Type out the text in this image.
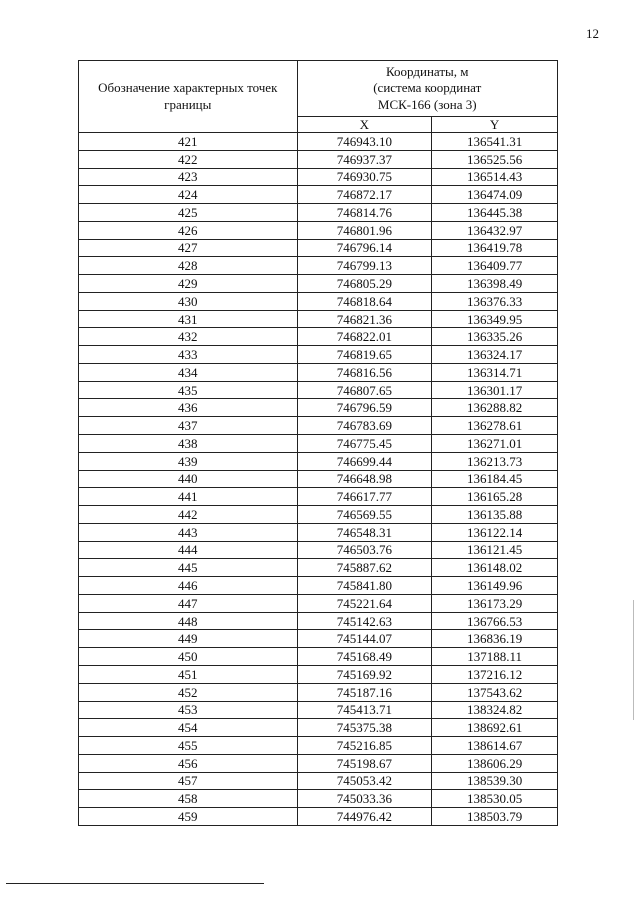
12
Обозначение характерных точек границы	Координаты, м
(система координат
МСК-166 (зона 3)	

	X	Y
421	746943.10	136541.31
422	746937.37	136525.56
423	746930.75	136514.43
424	746872.17	136474.09
425	746814.76	136445.38
426	746801.96	136432.97
427	746796.14	136419.78
428	746799.13	136409.77
429	746805.29	136398.49
430	746818.64	136376.33
431	746821.36	136349.95
432	746822.01	136335.26
433	746819.65	136324.17
434	746816.56	136314.71
435	746807.65	136301.17
436	746796.59	136288.82
437	746783.69	136278.61
438	746775.45	136271.01
439	746699.44	136213.73
440	746648.98	136184.45
441	746617.77	136165.28
442	746569.55	136135.88
443	746548.31	136122.14
444	746503.76	136121.45
445	745887.62	136148.02
446	745841.80	136149.96
447	745221.64	136173.29
448	745142.63	136766.53
449	745144.07	136836.19
450	745168.49	137188.11
451	745169.92	137216.12
452	745187.16	137543.62
453	745413.71	138324.82
454	745375.38	138692.61
455	745216.85	138614.67
456	745198.67	138606.29
457	745053.42	138539.30
458	745033.36	138530.05
459	744976.42	138503.79
